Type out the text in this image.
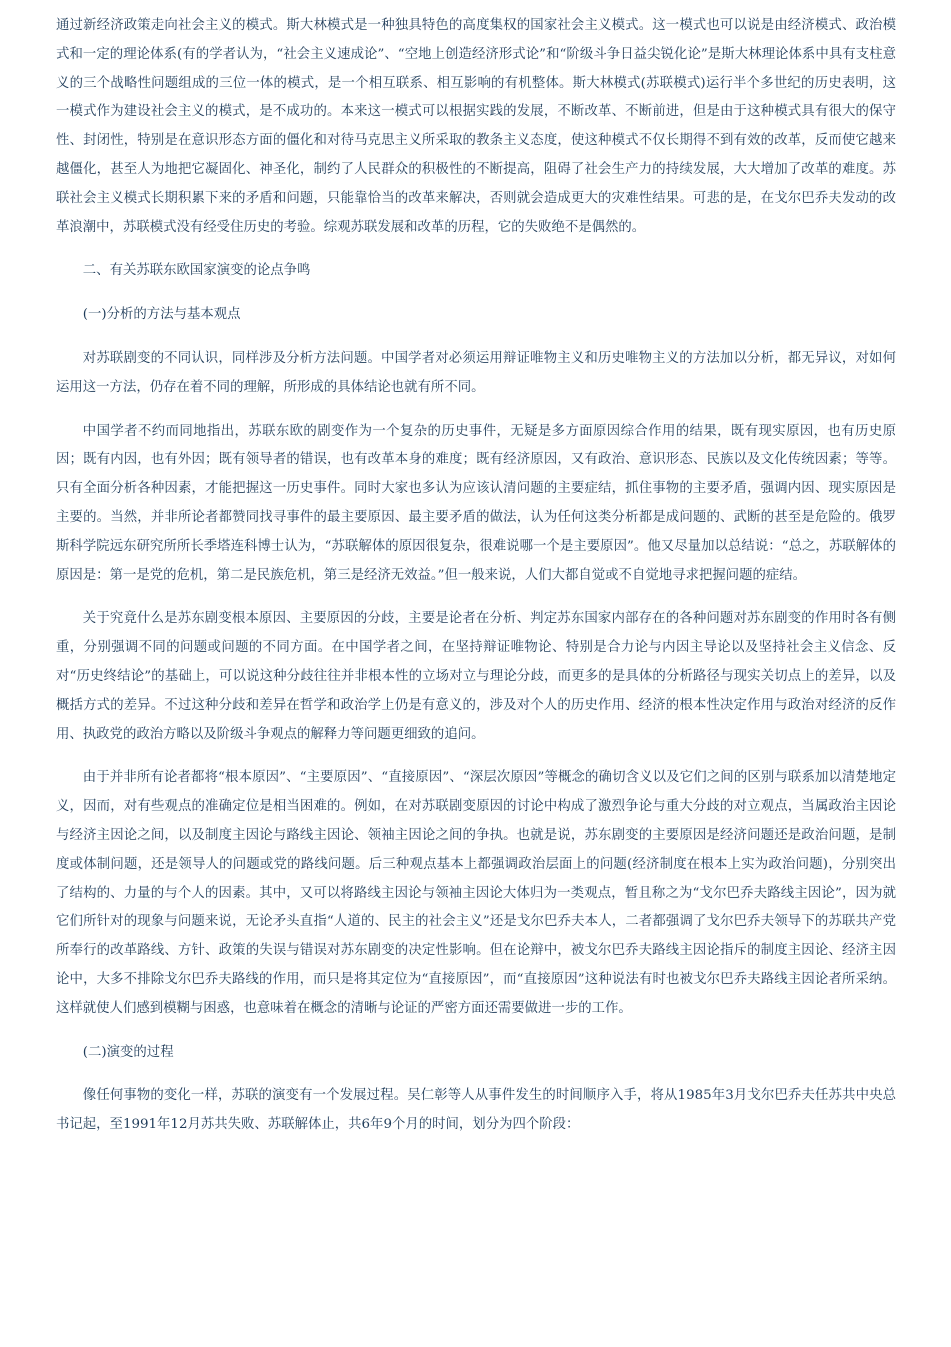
通过新经济政策走向社会主义的模式。斯大林模式是一种独具特色的高度集权的国家社会主义模式。这一模式也可以说是由经济模式、政治模式和一定的理论体系(有的学者认为，“社会主义速成论”、“空地上创造经济形式论”和“阶级斗争日益尖锐化论”是斯大林理论体系中具有支柱意义的三个战略性问题组成的三位一体的模式，是一个相互联系、相互影响的有机整体。斯大林模式(苏联模式)运行半个多世纪的历史表明，这一模式作为建设社会主义的模式，是不成功的。本来这一模式可以根据实践的发展，不断改革、不断前进，但是由于这种模式具有很大的保守性、封闭性，特别是在意识形态方面的僵化和对待马克思主义所采取的教条主义态度，使这种模式不仅长期得不到有效的改革，反而使它越来越僵化，甚至人为地把它凝固化、神圣化，制约了人民群众的积极性的不断提高，阻碍了社会生产力的持续发展，大大增加了改革的难度。苏联社会主义模式长期积累下来的矛盾和问题，只能靠恰当的改革来解决，否则就会造成更大的灾难性结果。可悲的是，在戈尔巴乔夫发动的改革浪潮中，苏联模式没有经受住历史的考验。综观苏联发展和改革的历程，它的失败绝不是偶然的。

二、有关苏联东欧国家演变的论点争鸣

(一)分析的方法与基本观点

对苏联剧变的不同认识，同样涉及分析方法问题。中国学者对必须运用辩证唯物主义和历史唯物主义的方法加以分析，都无异议，对如何运用这一方法，仍存在着不同的理解，所形成的具体结论也就有所不同。

中国学者不约而同地指出，苏联东欧的剧变作为一个复杂的历史事件，无疑是多方面原因综合作用的结果，既有现实原因，也有历史原因；既有内因，也有外因；既有领导者的错误，也有改革本身的难度；既有经济原因，又有政治、意识形态、民族以及文化传统因素；等等。只有全面分析各种因素，才能把握这一历史事件。同时大家也多认为应该认清问题的主要症结，抓住事物的主要矛盾，强调内因、现实原因是主要的。当然，并非所论者都赞同找寻事件的最主要原因、最主要矛盾的做法，认为任何这类分析都是成问题的、武断的甚至是危险的。俄罗斯科学院远东研究所所长季塔连科博士认为，“苏联解体的原因很复杂，很难说哪一个是主要原因”。他又尽量加以总结说：“总之，苏联解体的原因是：第一是党的危机，第二是民族危机，第三是经济无效益。”但一般来说，人们大都自觉或不自觉地寻求把握问题的症结。

关于究竟什么是苏东剧变根本原因、主要原因的分歧，主要是论者在分析、判定苏东国家内部存在的各种问题对苏东剧变的作用时各有侧重，分别强调不同的问题或问题的不同方面。在中国学者之间，在坚持辩证唯物论、特别是合力论与内因主导论以及坚持社会主义信念、反对“历史终结论”的基础上，可以说这种分歧往往并非根本性的立场对立与理论分歧，而更多的是具体的分析路径与现实关切点上的差异，以及概括方式的差异。不过这种分歧和差异在哲学和政治学上仍是有意义的，涉及对个人的历史作用、经济的根本性决定作用与政治对经济的反作用、执政党的政治方略以及阶级斗争观点的解释力等问题更细致的追问。

由于并非所有论者都将“根本原因”、“主要原因”、“直接原因”、“深层次原因”等概念的确切含义以及它们之间的区别与联系加以清楚地定义，因而，对有些观点的准确定位是相当困难的。例如，在对苏联剧变原因的讨论中构成了激烈争论与重大分歧的对立观点，当属政治主因论与经济主因论之间，以及制度主因论与路线主因论、领袖主因论之间的争执。也就是说，苏东剧变的主要原因是经济问题还是政治问题，是制度或体制问题，还是领导人的问题或党的路线问题。后三种观点基本上都强调政治层面上的问题(经济制度在根本上实为政治问题)，分别突出了结构的、力量的与个人的因素。其中，又可以将路线主因论与领袖主因论大体归为一类观点，暂且称之为“戈尔巴乔夫路线主因论”，因为就它们所针对的现象与问题来说，无论矛头直指“人道的、民主的社会主义”还是戈尔巴乔夫本人，二者都强调了戈尔巴乔夫领导下的苏联共产党所奉行的改革路线、方针、政策的失误与错误对苏东剧变的决定性影响。但在论辩中，被戈尔巴乔夫路线主因论指斥的制度主因论、经济主因论中，大多不排除戈尔巴乔夫路线的作用，而只是将其定位为“直接原因”，而“直接原因”这种说法有时也被戈尔巴乔夫路线主因论者所采纳。这样就使人们感到模糊与困惑，也意味着在概念的清晰与论证的严密方面还需要做进一步的工作。

(二)演变的过程

像任何事物的变化一样，苏联的演变有一个发展过程。吴仁彰等人从事件发生的时间顺序入手，将从1985年3月戈尔巴乔夫任苏共中央总书记起，至1991年12月苏共失败、苏联解体止，共6年9个月的时间，划分为四个阶段：
